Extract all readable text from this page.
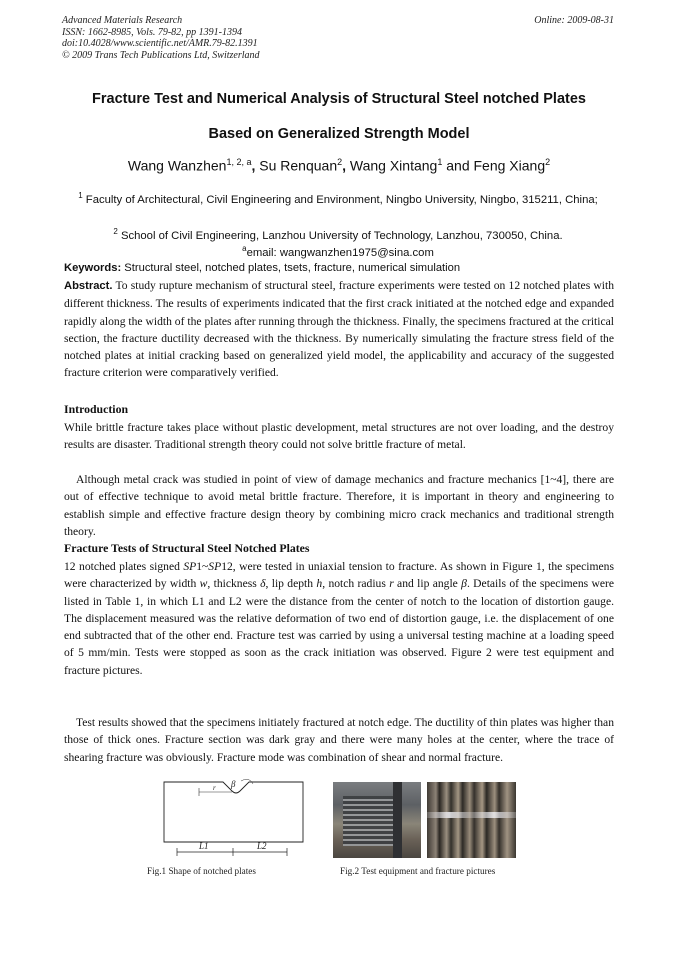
Advanced Materials Research
ISSN: 1662-8985, Vols. 79-82, pp 1391-1394
doi:10.4028/www.scientific.net/AMR.79-82.1391
© 2009 Trans Tech Publications Ltd, Switzerland
Online: 2009-08-31
Fracture Test and Numerical Analysis of Structural Steel notched Plates
Based on Generalized Strength Model
Wang Wanzhen$^{1, 2, a}$, Su Renquan$^2$, Wang Xintang$^1$ and Feng Xiang$^2$
$^1$ Faculty of Architectural, Civil Engineering and Environment, Ningbo University, Ningbo, 315211, China;
$^2$ School of Civil Engineering, Lanzhou University of Technology, Lanzhou, 730050, China.
$^a$email: wangwanzhen1975@sina.com
Keywords: Structural steel, notched plates, tsets, fracture, numerical simulation
Abstract. To study rupture mechanism of structural steel, fracture experiments were tested on 12 notched plates with different thickness. The results of experiments indicated that the first crack initiated at the notched edge and expanded rapidly along the width of the plates after running through the thickness. Finally, the specimens fractured at the critical section, the fracture ductility decreased with the thickness. By numerically simulating the fracture stress field of the notched plates at initial cracking based on generalized yield model, the applicability and accuracy of the suggested fracture criterion were comparatively verified.
Introduction
While brittle fracture takes place without plastic development, metal structures are not over loading, and the destroy results are disaster. Traditional strength theory could not solve brittle fracture of metal.
Although metal crack was studied in point of view of damage mechanics and fracture mechanics [1~4], there are out of effective technique to avoid metal brittle fracture. Therefore, it is important in theory and engineering to establish simple and effective fracture design theory by combining micro crack mechanics and traditional strength theory.
Fracture Tests of Structural Steel Notched Plates
12 notched plates signed SP1~SP12, were tested in uniaxial tension to fracture. As shown in Figure 1, the specimens were characterized by width w, thickness δ, lip depth h, notch radius r and lip angle β. Details of the specimens were listed in Table 1, in which L1 and L2 were the distance from the center of notch to the location of distortion gauge. The displacement measured was the relative deformation of two end of distortion gauge, i.e. the displacement of one end subtracted that of the other end. Fracture test was carried by using a universal testing machine at a loading speed of 5 mm/min. Tests were stopped as soon as the crack initiation was observed. Figure 2 were test equipment and fracture pictures.
Test results showed that the specimens initiately fractured at notch edge. The ductility of thin plates was higher than those of thick ones. Fracture section was dark gray and there were many holes at the center, where the trace of shearing fracture was obviously. Fracture mode was combination of shear and normal fracture.
β
r
L1	L2
Fig.1 Shape of notched plates	Fig.2 Test equipment and fracture pictures
